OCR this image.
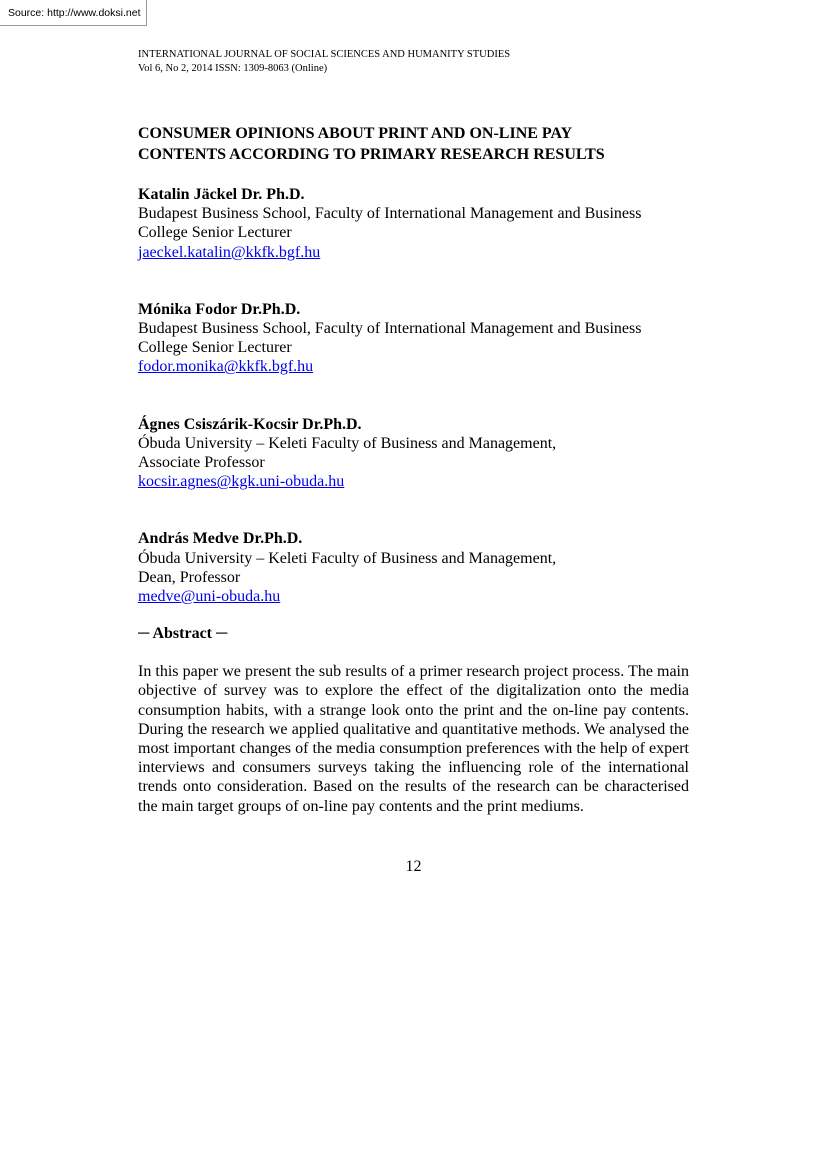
Source: http://www.doksi.net
INTERNATIONAL JOURNAL OF SOCIAL SCIENCES AND HUMANITY STUDIES
Vol 6, No 2, 2014 ISSN: 1309-8063 (Online)
CONSUMER OPINIONS ABOUT PRINT AND ON-LINE PAY
CONTENTS ACCORDING TO PRIMARY RESEARCH RESULTS
Katalin Jäckel Dr. Ph.D.
Budapest Business School, Faculty of International Management and Business
College Senior Lecturer
jaeckel.katalin@kkfk.bgf.hu
Mónika Fodor Dr.Ph.D.
Budapest Business School, Faculty of International Management and Business
College Senior Lecturer
fodor.monika@kkfk.bgf.hu
Ágnes Csiszárik-Kocsir Dr.Ph.D.
Óbuda University – Keleti Faculty of Business and Management,
Associate Professor
kocsir.agnes@kgk.uni-obuda.hu
András Medve Dr.Ph.D.
Óbuda University – Keleti Faculty of Business and Management,
Dean, Professor
medve@uni-obuda.hu
─ Abstract ─

In this paper we present the sub results of a primer research project process. The main objective of survey was to explore the effect of the digitalization onto the media consumption habits, with a strange look onto the print and the on-line pay contents. During the research we applied qualitative and quantitative methods. We analysed the most important changes of the media consumption preferences with the help of expert interviews and consumers surveys taking the influencing role of the international trends onto consideration. Based on the results of the research can be characterised the main target groups of on-line pay contents and the print mediums.

12
